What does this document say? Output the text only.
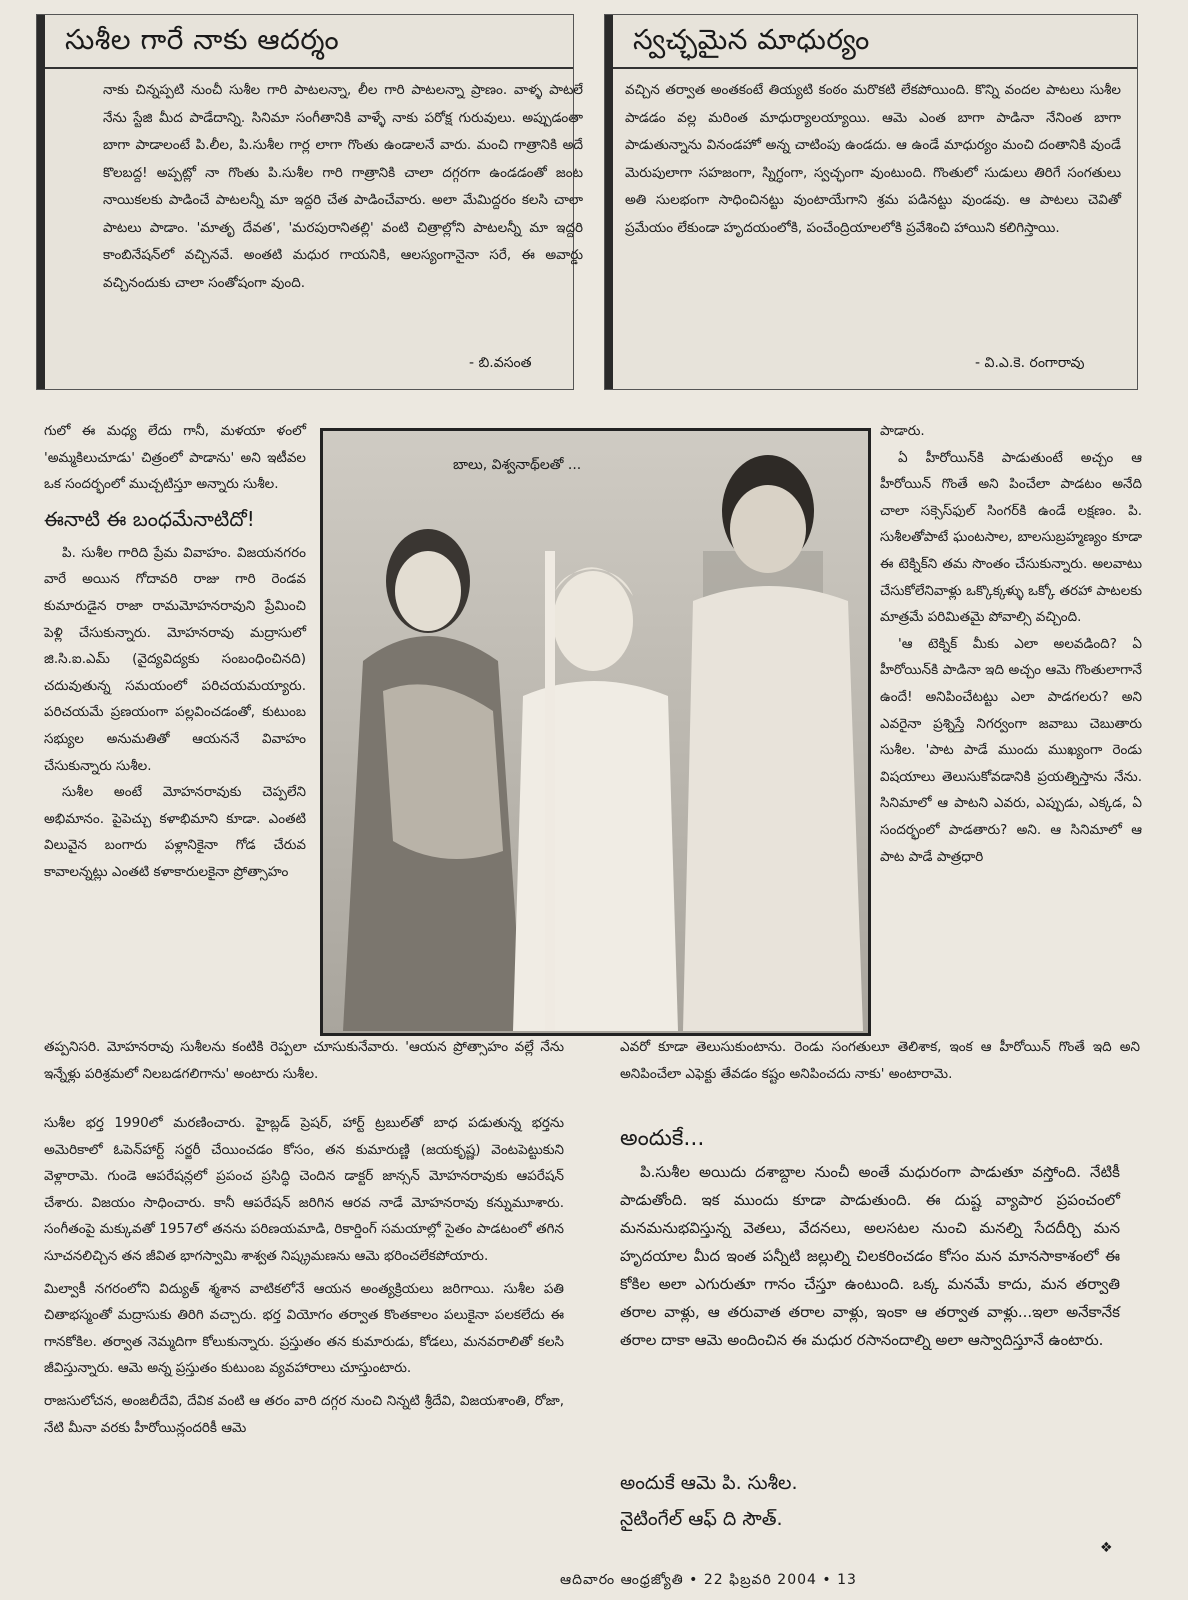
సుశీల గారే నాకు ఆదర్శం

నాకు చిన్నప్పటి నుంచీ సుశీల గారి పాటలన్నా, లీల గారి పాటలన్నా ప్రాణం. వాళ్ళ పాటలే నేను స్టేజి మీద పాడేదాన్ని. సినిమా సంగీతానికి వాళ్ళే నాకు పరోక్ష గురువులు. అప్పుడంతా బాగా పాడాలంటే పి.లీల, పి.సుశీల గార్ల లాగా గొంతు ఉండాలనే వారు. మంచి గాత్రానికి అదే కొలబద్ద! అప్పట్లో నా గొంతు పి.సుశీల గారి గాత్రానికి చాలా దగ్గరగా ఉండడంతో జంట నాయికలకు పాడించే పాటలన్నీ మా ఇద్దరి చేత పాడించేవారు. అలా మేమిద్దరం కలసి చాలా పాటలు పాడాం. 'మాతృ దేవత', 'మరపురానితల్లి' వంటి చిత్రాల్లోని పాటలన్నీ మా ఇద్దరి కాంబినేషన్‌లో వచ్చినవే. అంతటి మధుర గాయనికి, ఆలస్యంగానైనా సరే, ఈ అవార్డు వచ్చినందుకు చాలా సంతోషంగా వుంది.

- బి.వసంత
స్వచ్ఛమైన మాధుర్యం

వచ్చిన తర్వాత అంతకంటే తియ్యటి కంఠం మరొకటి లేకపోయింది. కొన్ని వందల పాటలు సుశీల పాడడం వల్ల మరింత మాధుర్యాలయ్యాయి. ఆమె ఎంత బాగా పాడినా నేనింత బాగా పాడుతున్నాను వినండహో అన్న చాటింపు ఉండదు. ఆ ఉండే మాధుర్యం మంచి దంతానికి వుండే మెరుపులాగా సహజంగా, స్నిగ్ధంగా, స్వచ్ఛంగా వుంటుంది. గొంతులో సుడులు తిరిగే సంగతులు అతి సులభంగా సాధించినట్టు వుంటాయేగాని శ్రమ పడినట్టు వుండవు. ఆ పాటలు చెవితో ప్రమేయం లేకుండా హృదయంలోకి, పంచేంద్రియాలలోకి ప్రవేశించి హాయిని కలిగిస్తాయి.

- వి.ఎ.కె. రంగారావు

గులో ఈ మధ్య లేదు గానీ, మళయా ళంలో 'అమ్మకిలుచూడు' చిత్రంలో పాడాను' అని ఇటీవల ఒక సందర్భంలో ముచ్చటిస్తూ అన్నారు సుశీల.

ఈనాటి ఈ బంధమేనాటిదో!

పి. సుశీల గారిది ప్రేమ వివాహం. విజయనగరం వారే అయిన గోదావరి రాజు గారి రెండవ కుమారుడైన రాజా రామమోహనరావుని ప్రేమించి పెళ్లి చేసుకున్నారు. మోహనరావు మద్రాసులో జి.సి.ఐ.ఎమ్ (వైద్యవిద్యకు సంబంధించినది) చదువుతున్న సమయంలో పరిచయమయ్యారు. పరిచయమే ప్రణయంగా పల్లవించడంతో, కుటుంబ సభ్యుల అనుమతితో ఆయననే వివాహం చేసుకున్నారు సుశీల.

సుశీల అంటే మోహనరావుకు చెప్పలేని అభిమానం. పైపెచ్చు కళాభిమాని కూడా. ఎంతటి విలువైన బంగారు పళ్లానికైనా గోడ చేరువ కావాలన్నట్లు ఎంతటి కళాకారులకైనా ప్రోత్సాహం

బాలు, విశ్వనాథ్‌లతో ...

పాడారు.

ఏ హీరోయిన్‌కి పాడుతుంటే అచ్చం ఆ హీరోయిన్ గొంతే అని పించేలా పాడటం అనేది చాలా సక్సెస్‌ఫుల్ సింగర్‌కి ఉండే లక్షణం. పి. సుశీలతోపాటే ఘంటసాల, బాలసుబ్రహ్మణ్యం కూడా ఈ టెక్నిక్‌ని తమ సొంతం చేసుకున్నారు. అలవాటు చేసుకోలేనివాళ్లు ఒక్కొక్కళ్ళు ఒక్కో తరహా పాటలకు మాత్రమే పరిమితమై పోవాల్సి వచ్చింది.

'ఆ టెక్నిక్ మీకు ఎలా అలవడింది? ఏ హీరోయిన్‌కి పాడినా ఇది అచ్చం ఆమె గొంతులాగానే ఉందే! అనిపించేటట్టు ఎలా పాడగలరు? అని ఎవరైనా ప్రశ్నిస్తే నిగర్వంగా జవాబు చెబుతారు సుశీల. 'పాట పాడే ముందు ముఖ్యంగా రెండు విషయాలు తెలుసుకోవడానికి ప్రయత్నిస్తాను నేను. సినిమాలో ఆ పాటని ఎవరు, ఎప్పుడు, ఎక్కడ, ఏ సందర్భంలో పాడతారు? అని. ఆ సినిమాలో ఆ పాట పాడే పాత్రధారి

తప్పనిసరి. మోహనరావు సుశీలను కంటికి రెప్పలా చూసుకునేవారు. 'ఆయన ప్రోత్సాహం వల్లే నేను ఇన్నేళ్లు పరిశ్రమలో నిలబడగలిగాను' అంటారు సుశీల.

ఎవరో కూడా తెలుసుకుంటాను. రెండు సంగతులూ తెలిశాక, ఇంక ఆ హీరోయిన్ గొంతే ఇది అని అనిపించేలా ఎఫెక్టు తేవడం కష్టం అనిపించదు నాకు' అంటారామె.

సుశీల భర్త 1990లో మరణించారు. హైబ్లడ్ ప్రెషర్, హార్ట్ ట్రబుల్‌తో బాధ పడుతున్న భర్తను అమెరికాలో ఓపెన్‌హార్ట్ సర్జరీ చేయించడం కోసం, తన కుమారుణ్ణి (జయకృష్ణ) వెంటపెట్టుకుని వెళ్లారామె. గుండె ఆపరేషన్లలో ప్రపంచ ప్రసిద్ధి చెందిన డాక్టర్ జాన్సన్ మోహనరావుకు ఆపరేషన్ చేశారు. విజయం సాధించారు. కానీ ఆపరేషన్ జరిగిన ఆరవ నాడే మోహనరావు కన్నుమూశారు. సంగీతంపై మక్కువతో 1957లో తనను పరిణయమాడి, రికార్డింగ్ సమయాల్లో సైతం పాడటంలో తగిన సూచనలిచ్చిన తన జీవిత భాగస్వామి శాశ్వత నిష్క్రమణను ఆమె భరించలేకపోయారు.

మిల్వాకీ నగరంలోని విద్యుత్ శ్మశాన వాటికలోనే ఆయన అంత్యక్రియలు జరిగాయి. సుశీల పతి చితాభస్మంతో మద్రాసుకు తిరిగి వచ్చారు. భర్త వియోగం తర్వాత కొంతకాలం పలుకైనా పలకలేదు ఈ గానకోకిల. తర్వాత నెమ్మదిగా కోలుకున్నారు. ప్రస్తుతం తన కుమారుడు, కోడలు, మనవరాలితో కలసి జీవిస్తున్నారు. ఆమె అన్న ప్రస్తుతం కుటుంబ వ్యవహారాలు చూస్తుంటారు.

రాజసులోచన, అంజలీదేవి, దేవిక వంటి ఆ తరం వారి దగ్గర నుంచి నిన్నటి శ్రీదేవి, విజయశాంతి, రోజా, నేటి మీనా వరకు హీరోయిన్లందరికీ ఆమె

అందుకే...

పి.సుశీల అయిదు దశాబ్దాల నుంచీ అంతే మధురంగా పాడుతూ వస్తోంది. నేటికీ పాడుతోంది. ఇక ముందు కూడా పాడుతుంది. ఈ దుష్ట వ్యాపార ప్రపంచంలో మనమనుభవిస్తున్న వెతలు, వేదనలు, అలసటల నుంచి మనల్ని సేదదీర్చి మన హృదయాల మీద ఇంత పన్నీటి జల్లుల్ని చిలకరించడం కోసం మన మానసాకాశంలో ఈ కోకిల అలా ఎగురుతూ గానం చేస్తూ ఉంటుంది. ఒక్క మనమే కాదు, మన తర్వాతి తరాల వాళ్లు, ఆ తరువాత తరాల వాళ్లు, ఇంకా ఆ తర్వాత వాళ్లు...ఇలా అనేకానేక తరాల దాకా ఆమె అందించిన ఈ మధుర రసానందాల్ని అలా ఆస్వాదిస్తూనే ఉంటారు.

అందుకే ఆమె పి. సుశీల.
నైటింగేల్ ఆఫ్ ది సౌత్.
❖
ఆదివారం ఆంధ్రజ్యోతి • 22 ఫిబ్రవరి 2004 • 13
